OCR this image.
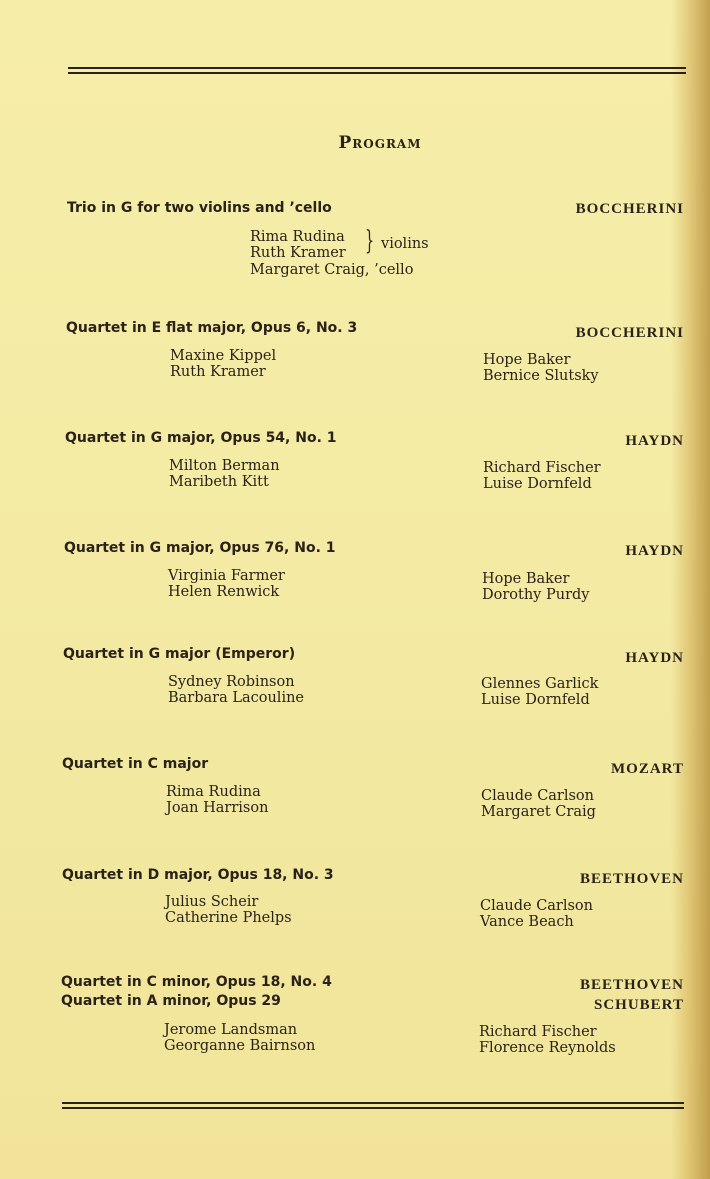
Program
Trio in G for two violins and ’cello	BOCCHERINI
Rima Rudina
Ruth Kramer } violins
Margaret Craig, ’cello
Quartet in E flat major, Opus 6, No. 3	BOCCHERINI
Maxine Kippel
Ruth Kramer
Hope Baker
Bernice Slutsky
Quartet in G major, Opus 54, No. 1	HAYDN
Milton Berman
Maribeth Kitt
Richard Fischer
Luise Dornfeld
Quartet in G major, Opus 76, No. 1	HAYDN
Virginia Farmer
Helen Renwick
Hope Baker
Dorothy Purdy
Quartet in G major (Emperor)	HAYDN
Sydney Robinson
Barbara Lacouline
Glennes Garlick
Luise Dornfeld
Quartet in C major	MOZART
Rima Rudina
Joan Harrison
Claude Carlson
Margaret Craig
Quartet in D major, Opus 18, No. 3	BEETHOVEN
Julius Scheir
Catherine Phelps
Claude Carlson
Vance Beach
Quartet in C minor, Opus 18, No. 4	BEETHOVEN
Quartet in A minor, Opus 29	SCHUBERT
Jerome Landsman
Georganne Bairnson
Richard Fischer
Florence Reynolds
